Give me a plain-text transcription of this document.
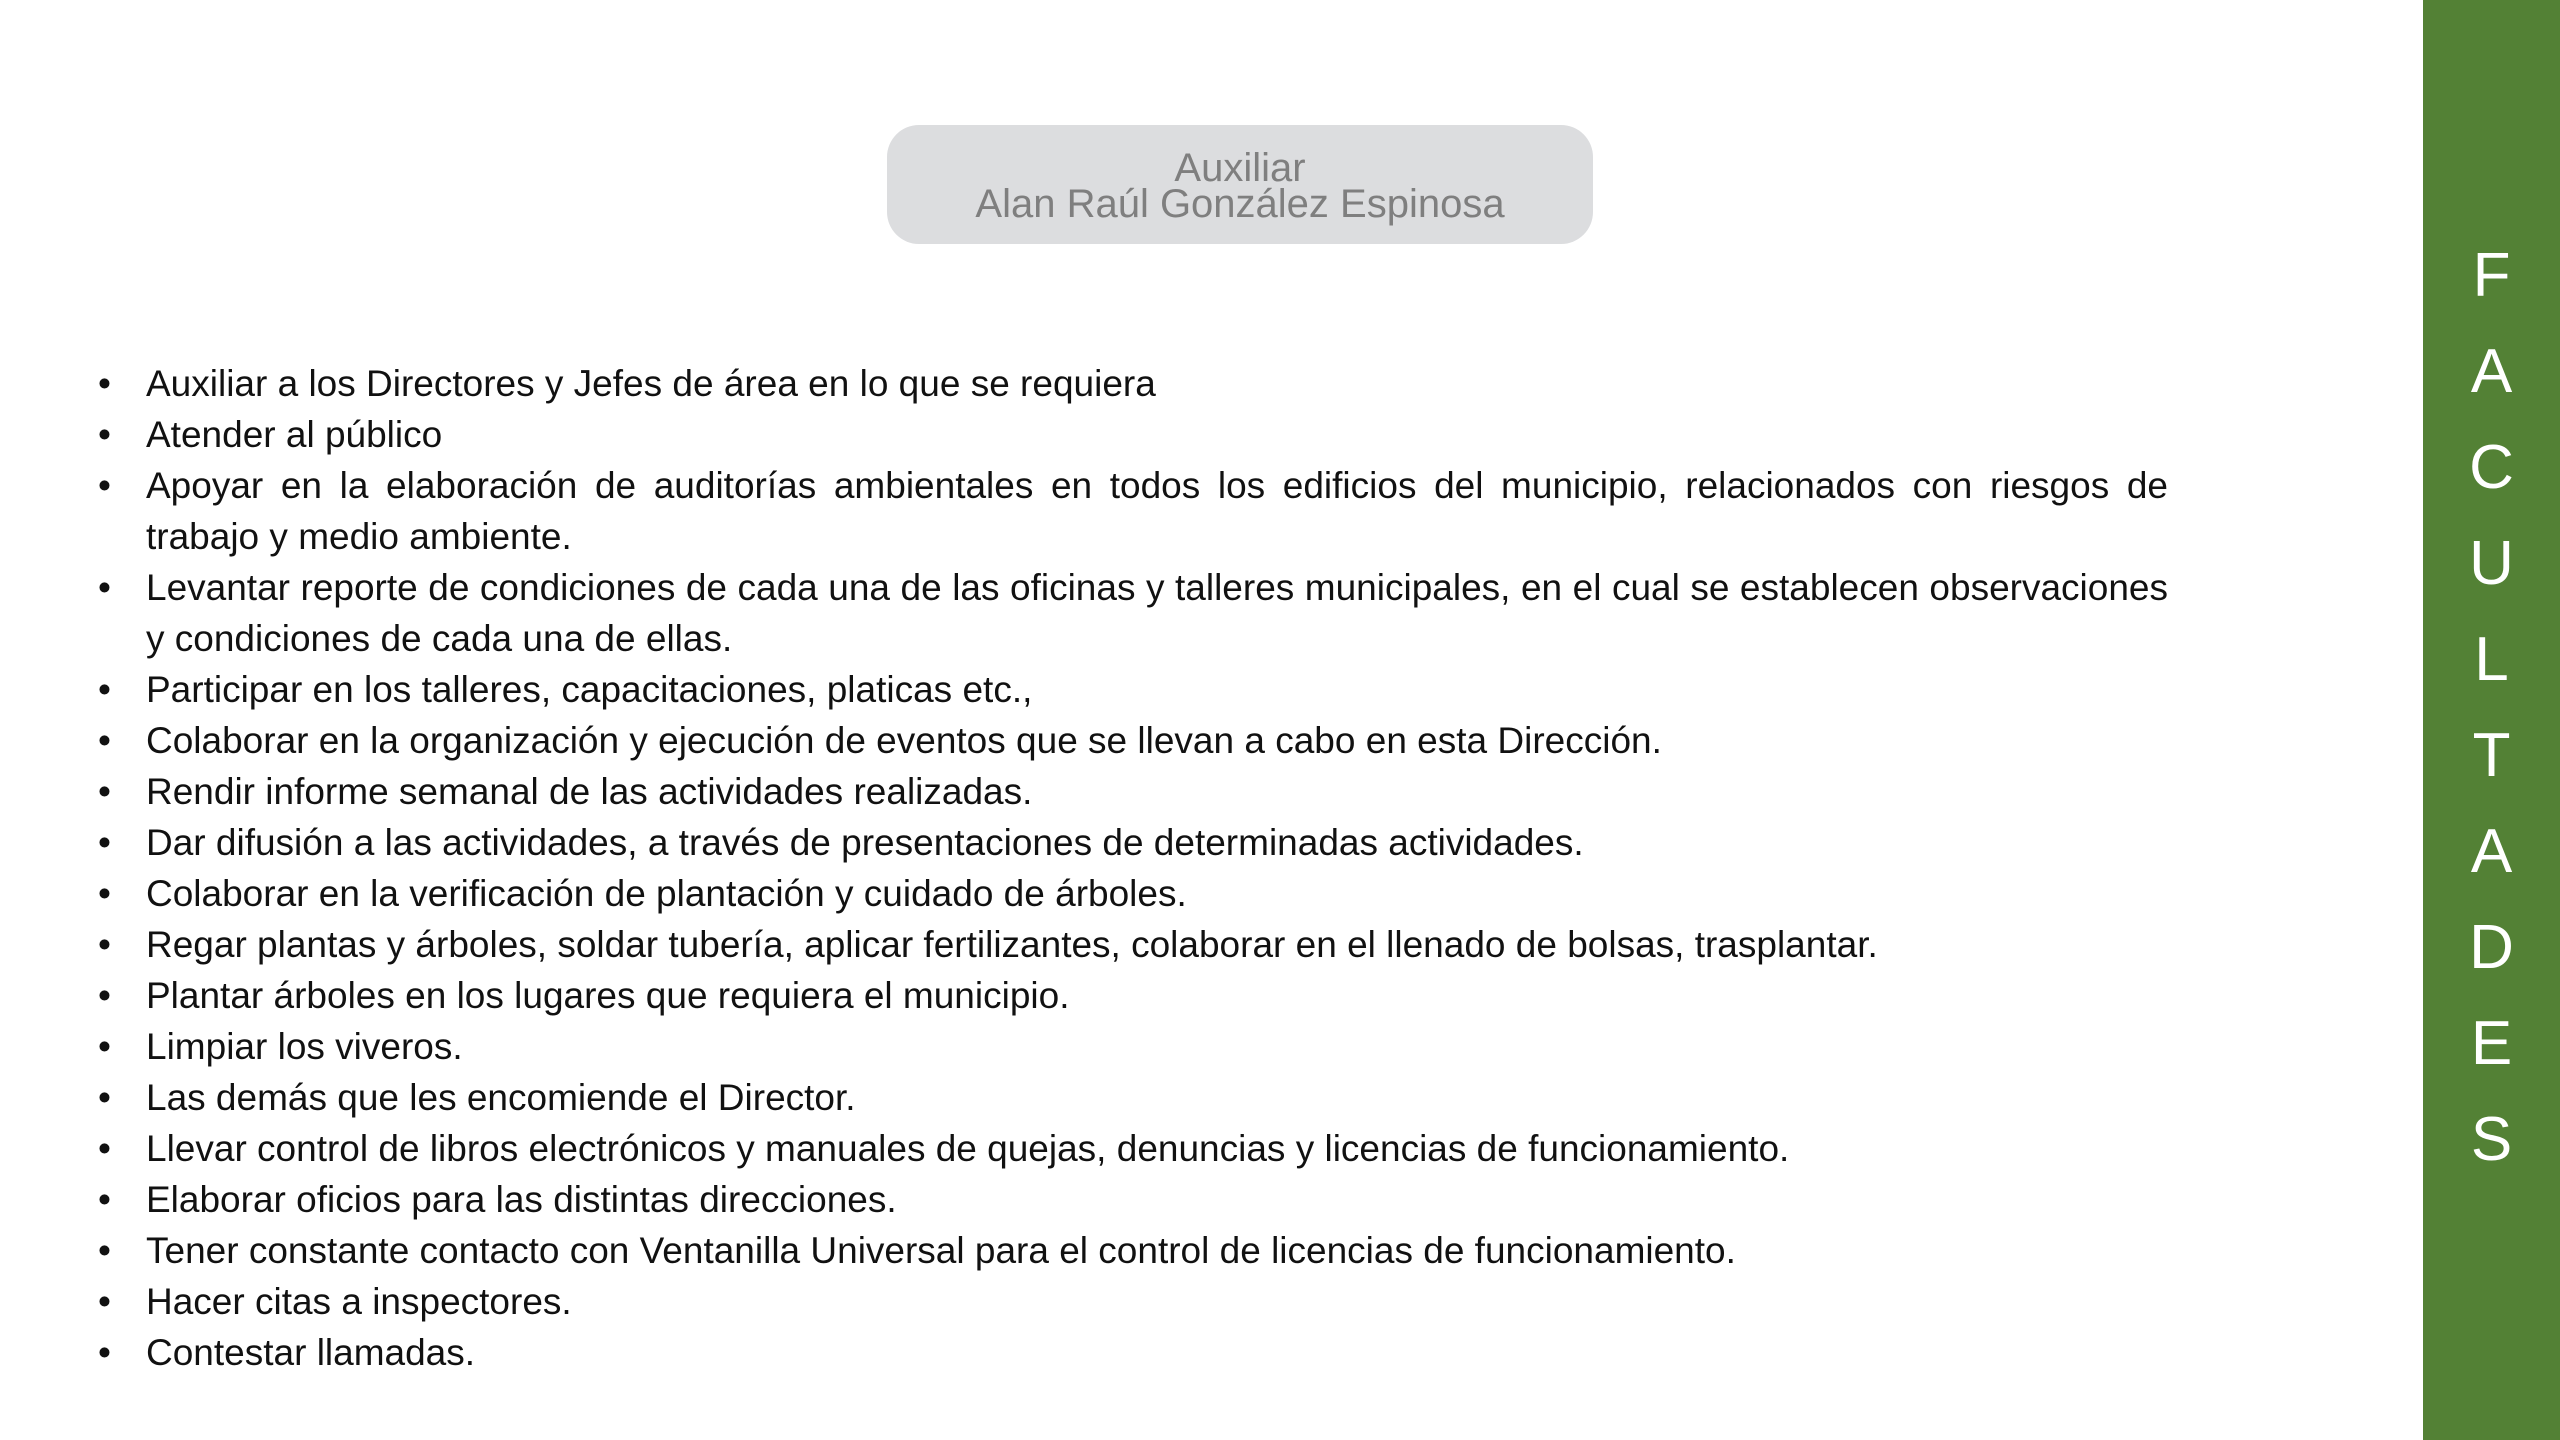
Auxiliar
Alan Raúl González Espinosa
• Auxiliar a los Directores y Jefes de área en lo que se requiera
• Atender al público
• Apoyar en la elaboración de auditorías ambientales en todos los edificios del municipio, relacionados con riesgos de trabajo y medio ambiente.
• Levantar reporte de condiciones de cada una de las oficinas y talleres municipales, en el cual se establecen observaciones y condiciones de cada una de ellas.
• Participar en los talleres, capacitaciones, platicas etc.,
• Colaborar en la organización y ejecución de eventos que se llevan a cabo en esta Dirección.
• Rendir informe semanal de las actividades realizadas.
• Dar difusión a las actividades, a través de presentaciones de determinadas actividades.
• Colaborar en la verificación de plantación y cuidado de árboles.
• Regar plantas y árboles, soldar tubería, aplicar fertilizantes, colaborar en el llenado de bolsas, trasplantar.
• Plantar árboles en los lugares que requiera el municipio.
• Limpiar los viveros.
• Las demás que les encomiende el Director.
• Llevar control de libros electrónicos y manuales de quejas, denuncias y licencias de funcionamiento.
• Elaborar oficios para las distintas direcciones.
• Tener constante contacto con Ventanilla Universal para el control de licencias de funcionamiento.
• Hacer citas a inspectores.
• Contestar llamadas.
F
A
C
U
L
T
A
D
E
S
